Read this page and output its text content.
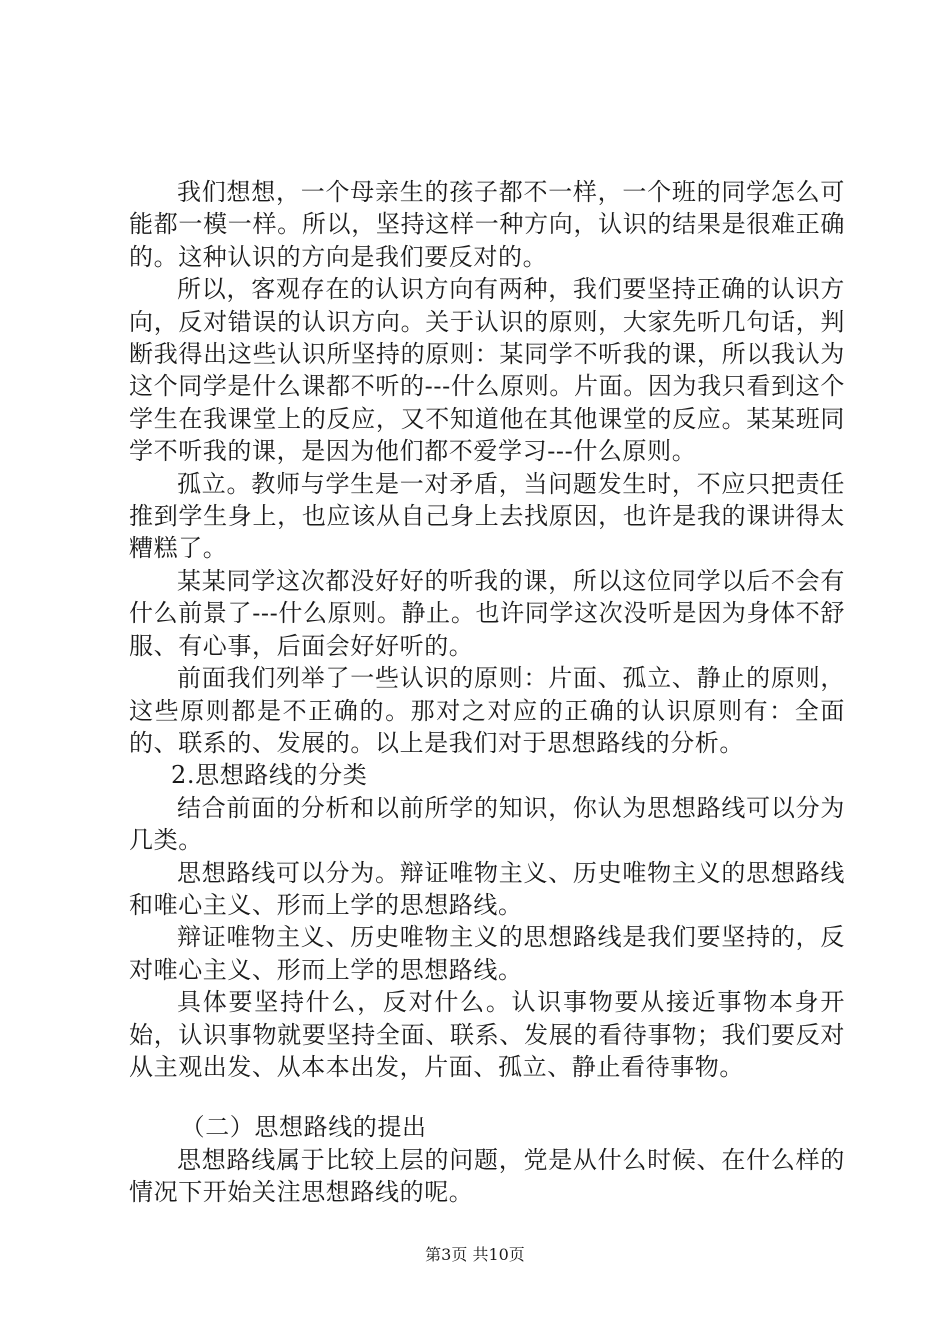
我们想想，一个母亲生的孩子都不一样，一个班的同学怎么可能都一模一样。所以，坚持这样一种方向，认识的结果是很难正确的。这种认识的方向是我们要反对的。

所以，客观存在的认识方向有两种，我们要坚持正确的认识方向，反对错误的认识方向。关于认识的原则，大家先听几句话，判断我得出这些认识所坚持的原则：某同学不听我的课，所以我认为这个同学是什么课都不听的---什么原则。片面。因为我只看到这个学生在我课堂上的反应，又不知道他在其他课堂的反应。某某班同学不听我的课，是因为他们都不爱学习---什么原则。

孤立。教师与学生是一对矛盾，当问题发生时，不应只把责任推到学生身上，也应该从自己身上去找原因，也许是我的课讲得太糟糕了。

某某同学这次都没好好的听我的课，所以这位同学以后不会有什么前景了---什么原则。静止。也许同学这次没听是因为身体不舒服、有心事，后面会好好听的。

前面我们列举了一些认识的原则：片面、孤立、静止的原则，这些原则都是不正确的。那对之对应的正确的认识原则有：全面的、联系的、发展的。以上是我们对于思想路线的分析。

2.思想路线的分类

结合前面的分析和以前所学的知识，你认为思想路线可以分为几类。

思想路线可以分为。辩证唯物主义、历史唯物主义的思想路线和唯心主义、形而上学的思想路线。

辩证唯物主义、历史唯物主义的思想路线是我们要坚持的，反对唯心主义、形而上学的思想路线。

具体要坚持什么，反对什么。认识事物要从接近事物本身开始，认识事物就要坚持全面、联系、发展的看待事物；我们要反对从主观出发、从本本出发，片面、孤立、静止看待事物。

（二）思想路线的提出

思想路线属于比较上层的问题，党是从什么时候、在什么样的情况下开始关注思想路线的呢。

第3页 共10页
